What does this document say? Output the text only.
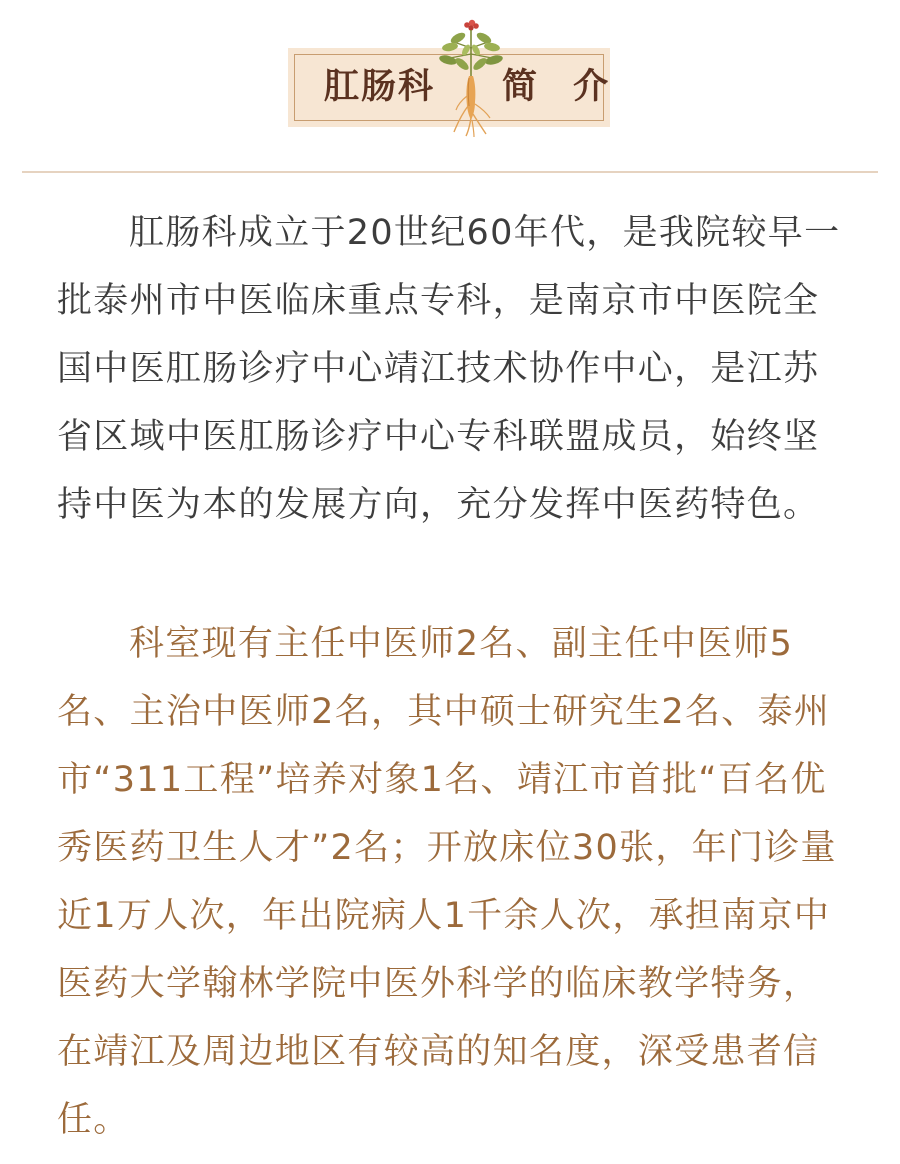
肛肠科 简 介

肛肠科成立于20世纪60年代，是我院较早一批泰州市中医临床重点专科，是南京市中医院全国中医肛肠诊疗中心靖江技术协作中心，是江苏省区域中医肛肠诊疗中心专科联盟成员，始终坚持中医为本的发展方向，充分发挥中医药特色。

科室现有主任中医师2名、副主任中医师5名、主治中医师2名，其中硕士研究生2名、泰州市“311工程”培养对象1名、靖江市首批“百名优秀医药卫生人才”2名；开放床位30张，年门诊量近1万人次，年出院病人1千余人次，承担南京中医药大学翰林学院中医外科学的临床教学特务，在靖江及周边地区有较高的知名度，深受患者信任。
